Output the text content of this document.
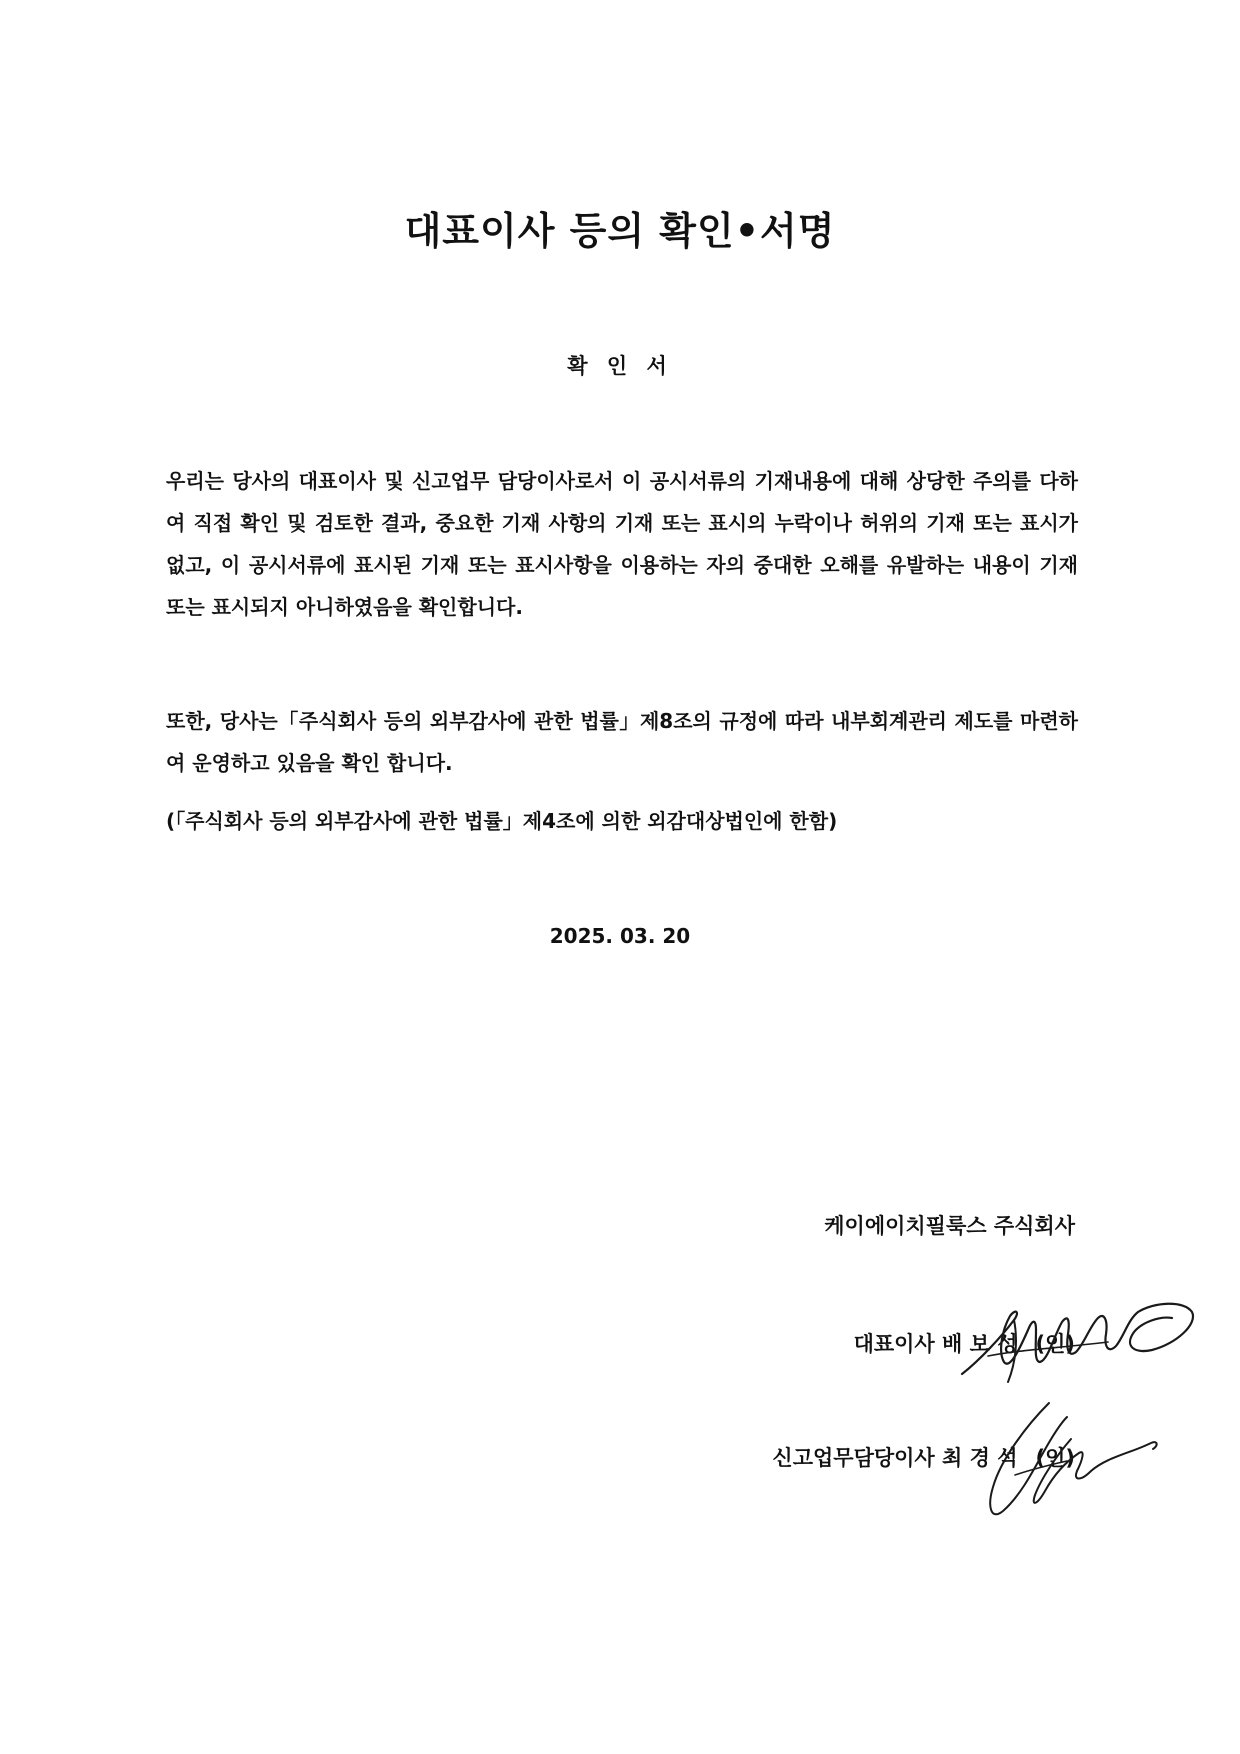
대표이사 등의 확인•서명
확 인 서

우리는 당사의 대표이사 및 신고업무 담당이사로서 이 공시서류의 기재내용에 대해 상당한 주의를 다하여 직접 확인 및 검토한 결과, 중요한 기재 사항의 기재 또는 표시의 누락이나 허위의 기재 또는 표시가 없고, 이 공시서류에 표시된 기재 또는 표시사항을 이용하는 자의 중대한 오해를 유발하는 내용이 기재 또는 표시되지 아니하였음을 확인합니다.

또한, 당사는「주식회사 등의 외부감사에 관한 법률」제8조의 규정에 따라 내부회계관리 제도를 마련하여 운영하고 있음을 확인 합니다.

(「주식회사 등의 외부감사에 관한 법률」제4조에 의한 외감대상법인에 한함)

2025. 03. 20
케이에이치필룩스 주식회사
대표이사 배 보 성 (인)
신고업무담당이사 최 경 석 (인)
